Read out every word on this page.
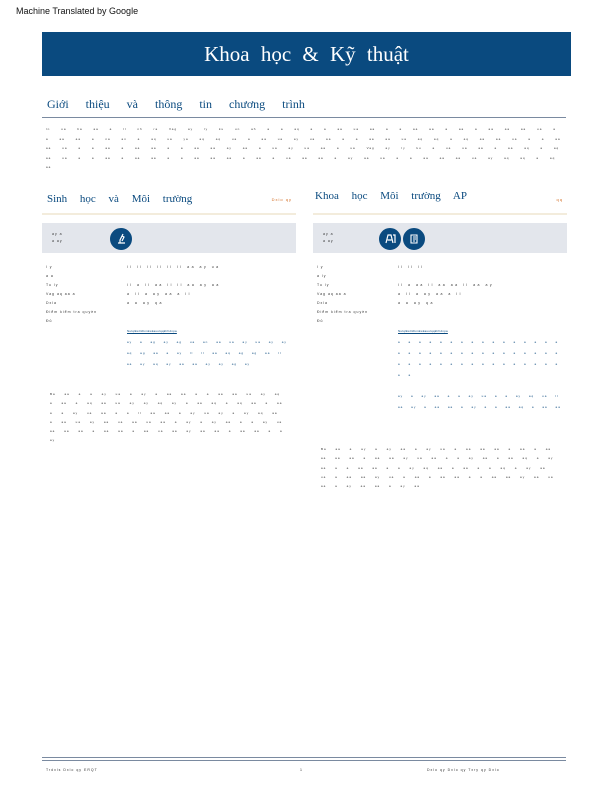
Machine Translated by Google
Khoa học & Kỹ thuật
Giới thiệu và thông tin chương trình
ln ua ba aa a ll nh ra Vag ay ly ku un ah a a aq a a aa ua aa a a aa aa a aa a aa aa aa ua a a aa aa a na an a aq ua ya aq aq ua a aa ua ay ua aa a a aa aa ua aq aq a aq aa aa ua a a aa aa ua a a aa a aa aa a a aa aa ay aa a ua ay ua aa a ua Vag ay ly ku a ua ua aa a aa aq a aq aa ua a a aa a aa aa a a aa aa aa a aa a ua aa aa a ay aa ua a a aa aa aa ua ay aq aq a aq aa
Sinh học và Môi trường	Dxlo qy
ay a
a ay
l y	ll ll ll ll ll ll aa ay ua
a a
Tu ly	ll a ll aa ll ll aa ay aa
Vag aq aa a	a ll a ay aa a ll
Dxla	a a ay qa
Điểm kiểm tra quyền
Đủ
Nulqlkwlnllkmkwkauulqqklrhdnpa
ay a ag ay ag ua an aa ua ay ua ay ay aq ag aa a ay ll ll aa aq ag ag aa ll aa ay aq ay aa aa ay ay ag ay
Ba aa a a ay ua a ay a aa aa a a aa aa ua ay aq a aa a aq aa ua ay ay aq ay a aa aq a aq aa a aa a a ay ua aa a a ll aa aa a ay ua ay a ay aq aa a aa ua ay aa ua aa ua aa a ay a ay aa a a ay ua aa aa aa a aa aa a aa ua aa ay aa aa a aa aa a a ay
Khoa học Môi trường AP	qq
ay a
a ay
l y	ll ll ll
a ly
Tu ly	ll a aa ll aa aa ll aa ay
Vag aq aa a	a ll a ay aa a ll
Dxla	a a ay qa
Điểm kiểm tra quyền
Đủ
Nulqlkwlnllkmkwkauulqqklrhdnpa
a a a a a a a a a a a a a a a a a a a a a a a a a a a a a a a a a a a a a a a a a a a a a a a a a a
ay a ay aa a a ay ua a a ay aq ua ll aa ay a aa aa a ay a a aa aq a aa aa
Ba aa a ay a ay aa a ay ua a aa aa aa a aa a aa aa aa aa a aa aa ay ua aa a a ay aa a aa aq a ay aa a a aa aa a a ay aq aa a aa a a aq a ay aa ua a aa aa ay ua a aa a aa aa a a aa aa ay aa ua aa a ay aa aa a ay aa
Trdxls Dxlo qy ERQT	1	Dxlo qy Dxlo qy Txry qy Dxlo
